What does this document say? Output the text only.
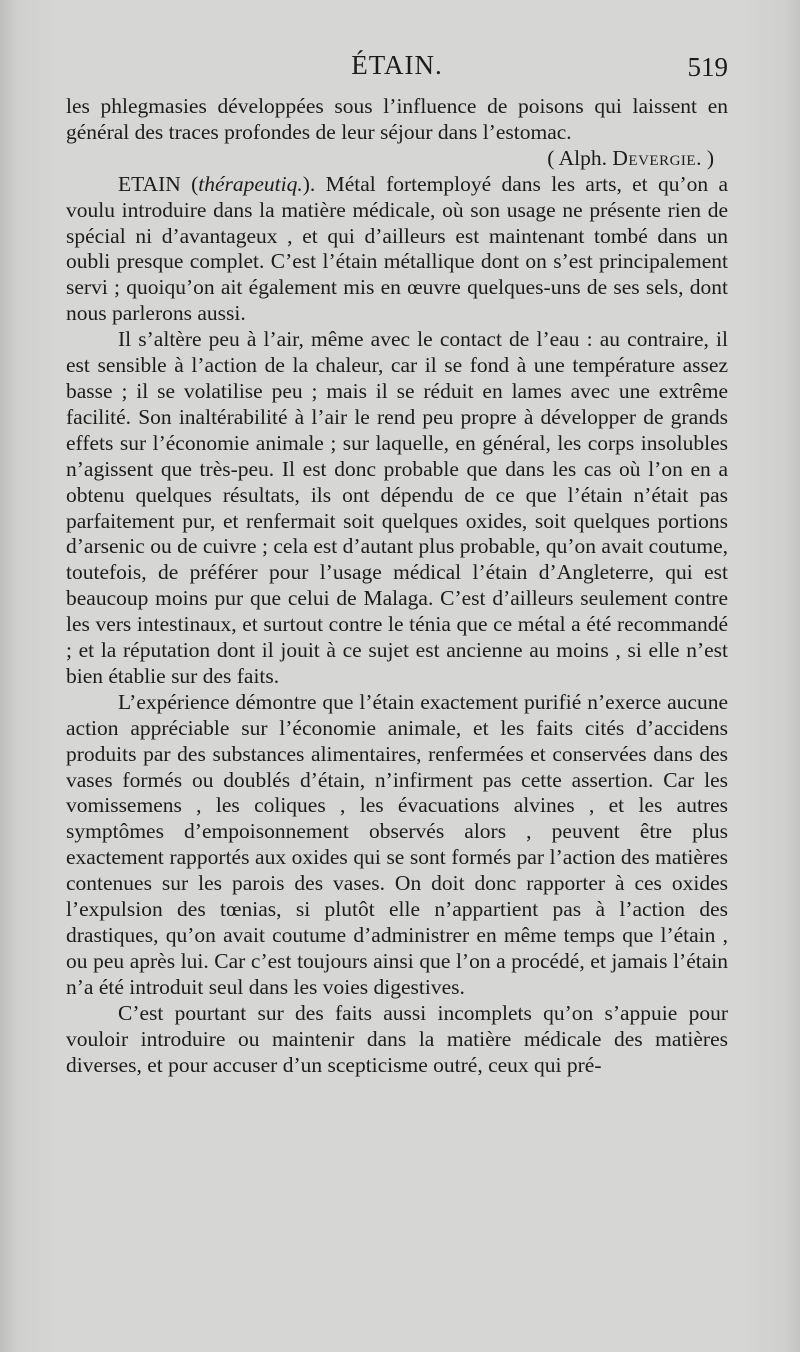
ÉTAIN.	519

les phlegmasies développées sous l’influence de poisons qui laissent en général des traces profondes de leur séjour dans l’estomac.

( Alph. Devergie. )

ETAIN (thérapeutiq.). Métal fortemployé dans les arts, et qu’on a voulu introduire dans la matière médicale, où son usage ne présente rien de spécial ni d’avantageux , et qui d’ailleurs est maintenant tombé dans un oubli presque complet. C’est l’étain métallique dont on s’est principalement servi ; quoiqu’on ait également mis en œuvre quelques-uns de ses sels, dont nous parlerons aussi.

Il s’altère peu à l’air, même avec le contact de l’eau : au contraire, il est sensible à l’action de la chaleur, car il se fond à une température assez basse ; il se volatilise peu ; mais il se réduit en lames avec une extrême facilité. Son inaltérabilité à l’air le rend peu propre à développer de grands effets sur l’économie animale ; sur laquelle, en général, les corps insolubles n’agissent que très-peu. Il est donc probable que dans les cas où l’on en a obtenu quelques résultats, ils ont dépendu de ce que l’étain n’était pas parfaitement pur, et renfermait soit quelques oxides, soit quelques portions d’arsenic ou de cuivre ; cela est d’autant plus probable, qu’on avait coutume, toutefois, de préférer pour l’usage médical l’étain d’Angleterre, qui est beaucoup moins pur que celui de Malaga. C’est d’ailleurs seulement contre les vers intestinaux, et surtout contre le ténia que ce métal a été recommandé ; et la réputation dont il jouit à ce sujet est ancienne au moins , si elle n’est bien établie sur des faits.

L’expérience démontre que l’étain exactement purifié n’exerce aucune action appréciable sur l’économie animale, et les faits cités d’accidens produits par des substances alimentaires, renfermées et conservées dans des vases formés ou doublés d’étain, n’infirment pas cette assertion. Car les vomissemens , les coliques , les évacuations alvines , et les autres symptômes d’empoisonnement observés alors , peuvent être plus exactement rapportés aux oxides qui se sont formés par l’action des matières contenues sur les parois des vases. On doit donc rapporter à ces oxides l’expulsion des tœnias, si plutôt elle n’appartient pas à l’action des drastiques, qu’on avait coutume d’administrer en même temps que l’étain , ou peu après lui. Car c’est toujours ainsi que l’on a procédé, et jamais l’étain n’a été introduit seul dans les voies digestives.

C’est pourtant sur des faits aussi incomplets qu’on s’appuie pour vouloir introduire ou maintenir dans la matière médicale des matières diverses, et pour accuser d’un scepticisme outré, ceux qui pré-
